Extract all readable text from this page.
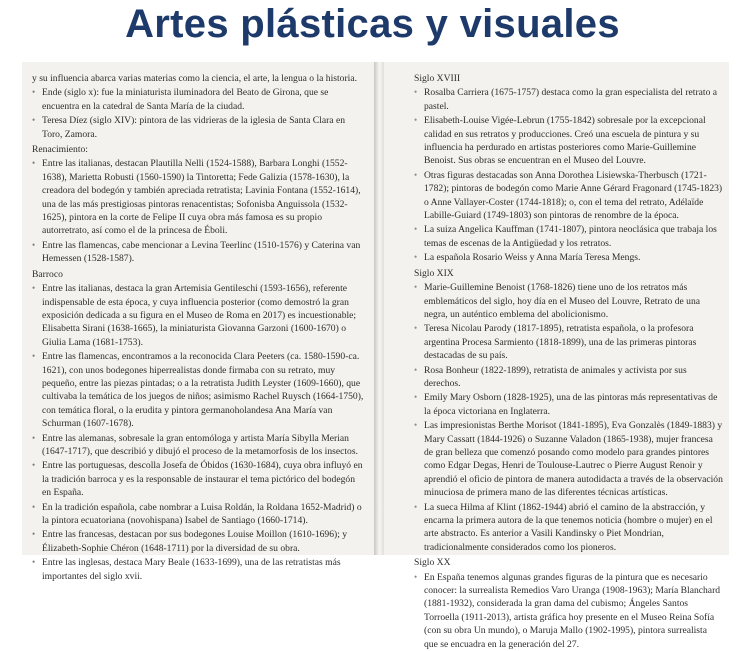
Artes plásticas y visuales

y su influencia abarca varias materias como la ciencia, el arte, la lengua o la historia.

• Ende (siglo x): fue la miniaturista iluminadora del Beato de Girona, que se encuentra en la catedral de Santa María de la ciudad.
• Teresa Díez (siglo XIV): pintora de las vidrieras de la iglesia de Santa Clara en Toro, Zamora.
Renacimiento:
• Entre las italianas, destacan Plautilla Nelli (1524-1588), Barbara Longhi (1552-1638), Marietta Robusti (1560-1590) la Tintoretta; Fede Galizia (1578-1630), la creadora del bodegón y también apreciada retratista; Lavinia Fontana (1552-1614), una de las más prestigiosas pintoras renacentistas; Sofonisba Anguissola (1532-1625), pintora en la corte de Felipe II cuya obra más famosa es su propio autorretrato, así como el de la princesa de Éboli.
• Entre las flamencas, cabe mencionar a Levina Teerlinc (1510-1576) y Caterina van Hemessen (1528-1587).
Barroco
• Entre las italianas, destaca la gran Artemisia Gentileschi (1593-1656), referente indispensable de esta época, y cuya influencia posterior (como demostró la gran exposición dedicada a su figura en el Museo de Roma en 2017) es incuestionable; Elisabetta Sirani (1638-1665), la miniaturista Giovanna Garzoni (1600-1670) o Giulia Lama (1681-1753).
• Entre las flamencas, encontramos a la reconocida Clara Peeters (ca. 1580-1590-ca. 1621), con unos bodegones hiperrealistas donde firmaba con su retrato, muy pequeño, entre las piezas pintadas; o a la retratista Judith Leyster (1609-1660), que cultivaba la temática de los juegos de niños; asimismo Rachel Ruysch (1664-1750), con temática floral, o la erudita y pintora germanoholandesa Ana María van Schurman (1607-1678).
• Entre las alemanas, sobresale la gran entomóloga y artista María Sibylla Merian (1647-1717), que describió y dibujó el proceso de la metamorfosis de los insectos.
• Entre las portuguesas, descolla Josefa de Óbidos (1630-1684), cuya obra influyó en la tradición barroca y es la responsable de instaurar el tema pictórico del bodegón en España.
• En la tradición española, cabe nombrar a Luisa Roldán, la Roldana 1652-Madrid) o la pintora ecuatoriana (novohispana) Isabel de Santiago (1660-1714).
• Entre las francesas, destacan por sus bodegones Louise Moillon (1610-1696); y Élizabeth-Sophie Chéron (1648-1711) por la diversidad de su obra.
• Entre las inglesas, destaca Mary Beale (1633-1699), una de las retratistas más importantes del siglo xvii.
Siglo XVIII
• Rosalba Carriera (1675-1757) destaca como la gran especialista del retrato a pastel.
• Elisabeth-Louise Vigée-Lebrun (1755-1842) sobresale por la excepcional calidad en sus retratos y producciones. Creó una escuela de pintura y su influencia ha perdurado en artistas posteriores como Marie-Guillemine Benoist. Sus obras se encuentran en el Museo del Louvre.
• Otras figuras destacadas son Anna Dorothea Lisiewska-Therbusch (1721-1782); pintoras de bodegón como Marie Anne Gérard Fragonard (1745-1823) o Anne Vallayer-Coster (1744-1818); o, con el tema del retrato, Adélaïde Labille-Guiard (1749-1803) son pintoras de renombre de la época.
• La suiza Angelica Kauffman (1741-1807), pintora neoclásica que trabaja los temas de escenas de la Antigüedad y los retratos.
• La española Rosario Weiss y Anna María Teresa Mengs.
Siglo XIX
• Marie-Guillemine Benoist (1768-1826) tiene uno de los retratos más emblemáticos del siglo, hoy día en el Museo del Louvre, Retrato de una negra, un auténtico emblema del abolicionismo.
• Teresa Nicolau Parody (1817-1895), retratista española, o la profesora argentina Procesa Sarmiento (1818-1899), una de las primeras pintoras destacadas de su país.
• Rosa Bonheur (1822-1899), retratista de animales y activista por sus derechos.
• Emily Mary Osborn (1828-1925), una de las pintoras más representativas de la época victoriana en Inglaterra.
• Las impresionistas Berthe Morisot (1841-1895), Eva Gonzalès (1849-1883) y Mary Cassatt (1844-1926) o Suzanne Valadon (1865-1938), mujer francesa de gran belleza que comenzó posando como modelo para grandes pintores como Edgar Degas, Henri de Toulouse-Lautrec o Pierre August Renoir y aprendió el oficio de pintora de manera autodidacta a través de la observación minuciosa de primera mano de las diferentes técnicas artísticas.
• La sueca Hilma af Klint (1862-1944) abrió el camino de la abstracción, y encarna la primera autora de la que tenemos noticia (hombre o mujer) en el arte abstracto. Es anterior a Vasili Kandinsky o Piet Mondrian, tradicionalmente considerados como los pioneros.
Siglo XX
• En España tenemos algunas grandes figuras de la pintura que es necesario conocer: la surrealista Remedios Varo Uranga (1908-1963); María Blanchard (1881-1932), considerada la gran dama del cubismo; Ángeles Santos Torroella (1911-2013), artista gráfica hoy presente en el Museo Reina Sofía (con su obra Un mundo), o Maruja Mallo (1902-1995), pintora surrealista que se encuadra en la generación del 27.
